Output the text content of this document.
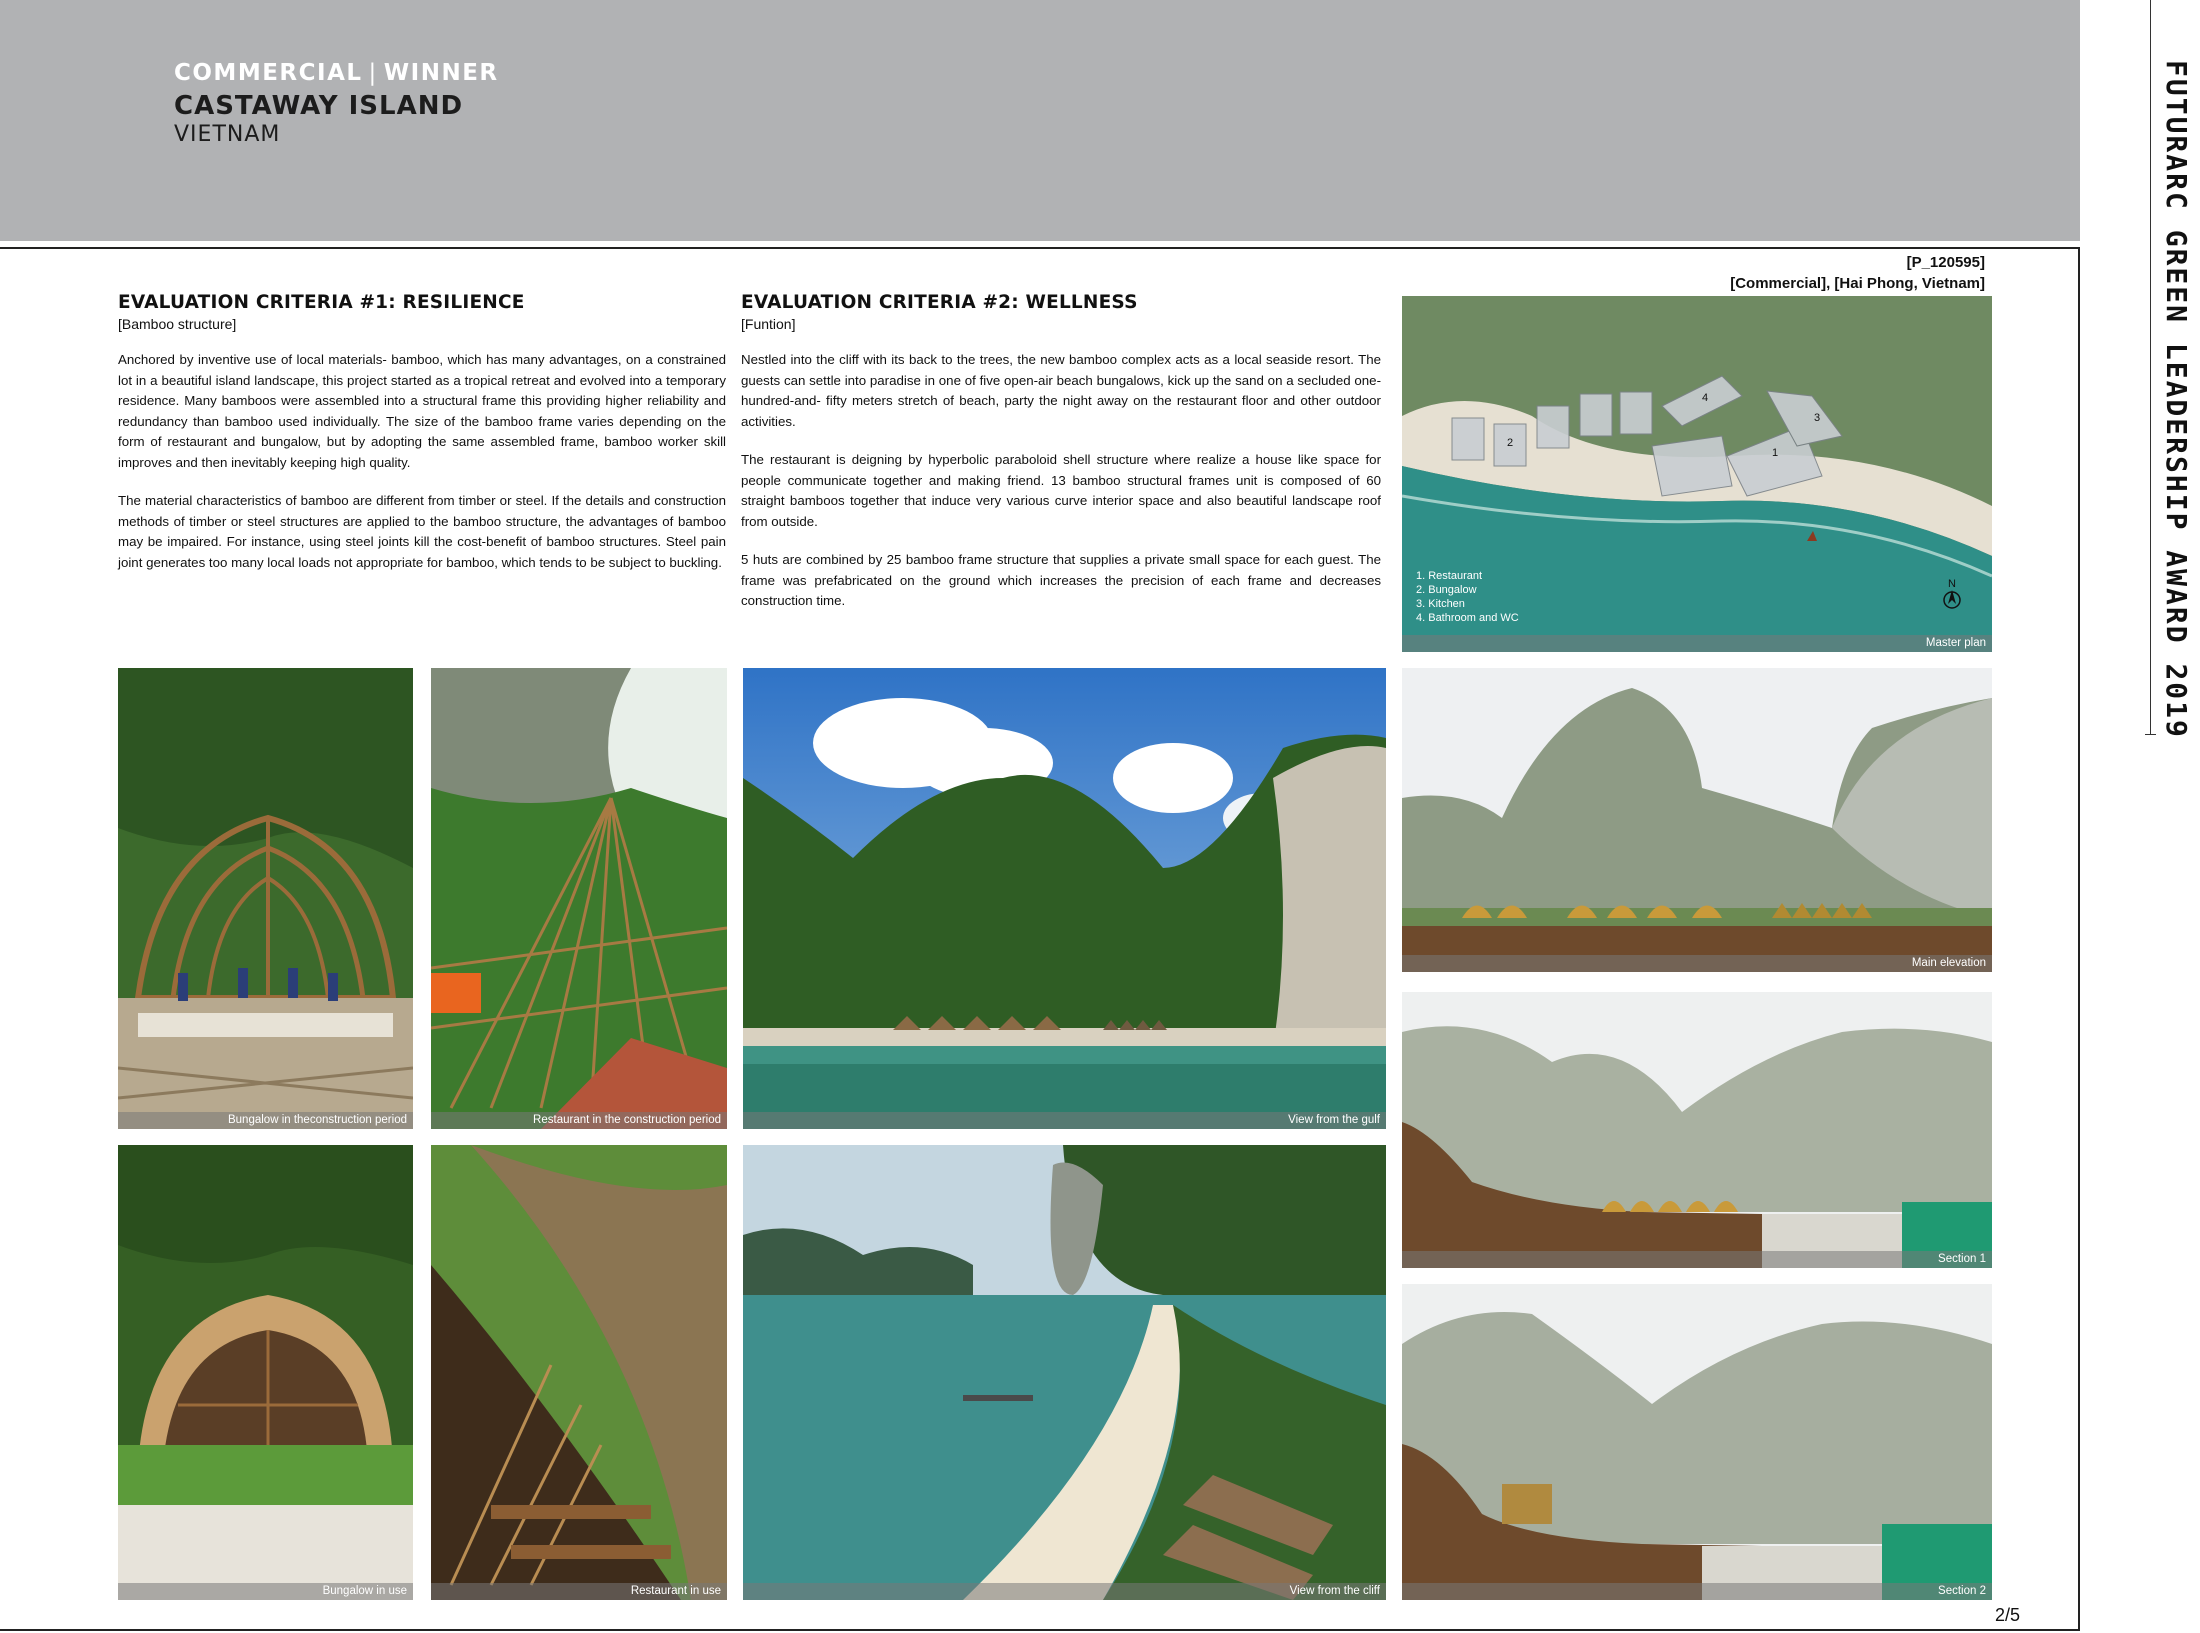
COMMERCIAL | WINNER
CASTAWAY ISLAND
VIETNAM	FUTURARC GREEN LEADERSHIP AWARD 2019
[P_120595]
[Commercial], [Hai Phong, Vietnam]
EVALUATION CRITERIA #1: RESILIENCE
[Bamboo structure]

Anchored by inventive use of local materials- bamboo, which has many advantages, on a constrained lot in a beautiful island landscape, this project started as a tropical retreat and evolved into a temporary residence. Many bamboos were assembled into a structural frame this providing higher reliability and redundancy than bamboo used individually. The size of the bamboo frame varies depending on the form of restaurant and bungalow, but by adopting the same assembled frame, bamboo worker skill improves and then inevitably keeping high quality.

The material characteristics of bamboo are different from timber or steel. If the details and construction methods of timber or steel structures are applied to the bamboo structure, the advantages of bamboo may be impaired. For instance, using steel joints kill the cost-benefit of bamboo structures. Steel pain joint generates too many local loads not appropriate for bamboo, which tends to be subject to buckling.

EVALUATION CRITERIA #2: WELLNESS
[Funtion]

Nestled into the cliff with its back to the trees, the new bamboo complex acts as a local seaside resort. The guests can settle into paradise in one of five open-air beach bungalows, kick up the sand on a secluded one-hundred-and- fifty meters stretch of beach, party the night away on the restaurant floor and other outdoor activities.

The restaurant is deigning by hyperbolic paraboloid shell structure where realize a house like space for people communicate together and making friend. 13 bamboo structural frames unit is composed of 60 straight bamboos together that induce very various curve interior space and also beautiful landscape roof from outside.

5 huts are combined by 25 bamboo frame structure that supplies a private small space for each guest. The frame was prefabricated on the ground which increases the precision of each frame and decreases construction time.

1
2
3
4
N
1. Restaurant
2. Bungalow
3. Kitchen
4. Bathroom and WC
Master plan
Bungalow in theconstruction period	Restaurant in the construction period	View from the gulf
Main elevation
Section 1
Bungalow in use	Restaurant in use	View from the cliff	Section 2
2/5
